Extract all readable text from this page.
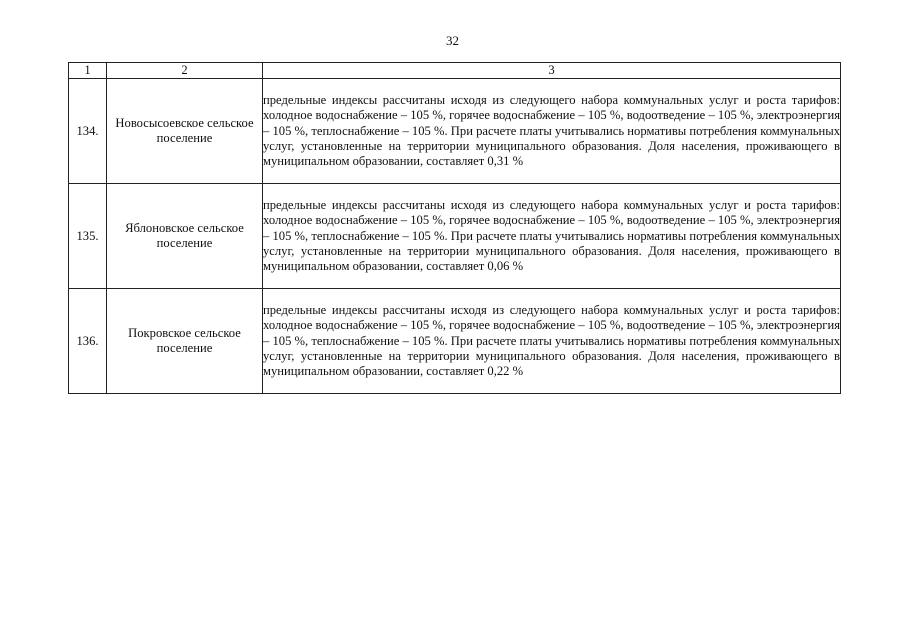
32
1	2	3
134.	Новосысоевское сельское поселение	предельные индексы рассчитаны исходя из следующего набора коммунальных услуг и роста тарифов: холодное водоснабжение – 105 %, горячее водоснабжение – 105 %, водоотведение – 105 %, электроэнергия – 105 %, теплоснабжение – 105 %. При расчете платы учитывались нормативы потребления коммунальных услуг, установленные на территории муниципального образования. Доля населения, проживающего в муниципальном образовании, составляет 0,31 %
135.	Яблоновское сельское поселение	предельные индексы рассчитаны исходя из следующего набора коммунальных услуг и роста тарифов: холодное водоснабжение – 105 %, горячее водоснабжение – 105 %, водоотведение – 105 %, электроэнергия – 105 %, теплоснабжение – 105 %. При расчете платы учитывались нормативы потребления коммунальных услуг, установленные на территории муниципального образования. Доля населения, проживающего в муниципальном образовании, составляет 0,06 %
136.	Покровское сельское поселение	предельные индексы рассчитаны исходя из следующего набора коммунальных услуг и роста тарифов: холодное водоснабжение – 105 %, горячее водоснабжение – 105 %, водоотведение – 105 %, электроэнергия – 105 %, теплоснабжение – 105 %. При расчете платы учитывались нормативы потребления коммунальных услуг, установленные на территории муниципального образования. Доля населения, проживающего в муниципальном образовании, составляет 0,22 %
